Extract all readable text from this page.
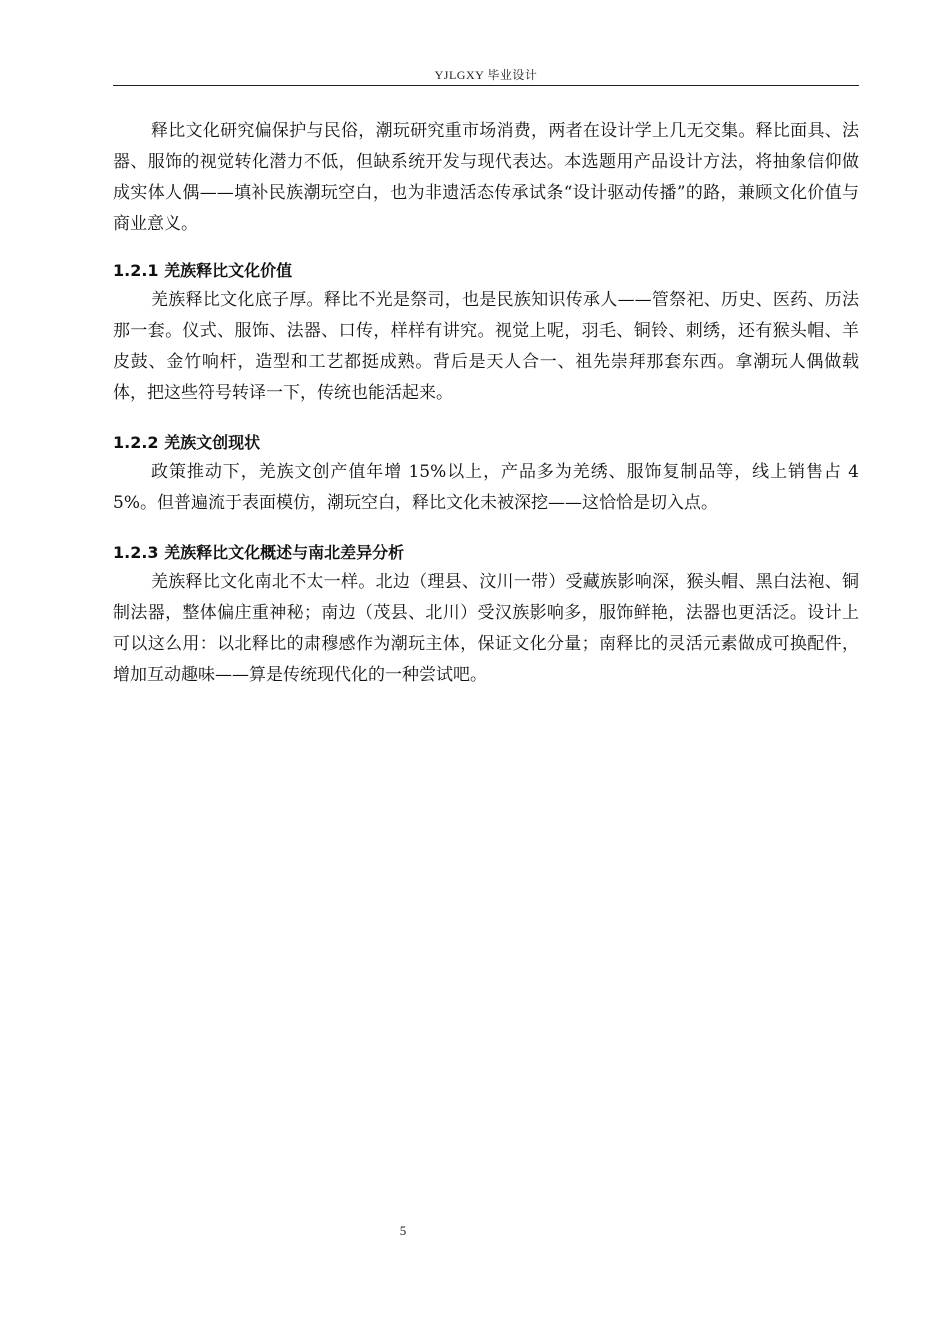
YJLGXY 毕业设计

释比文化研究偏保护与民俗，潮玩研究重市场消费，两者在设计学上几无交集。释比面具、法器、服饰的视觉转化潜力不低，但缺系统开发与现代表达。本选题用产品设计方法，将抽象信仰做成实体人偶——填补民族潮玩空白，也为非遗活态传承试条“设计驱动传播”的路，兼顾文化价值与商业意义。

1.2.1 羌族释比文化价值

羌族释比文化底子厚。释比不光是祭司，也是民族知识传承人——管祭祀、历史、医药、历法那一套。仪式、服饰、法器、口传，样样有讲究。视觉上呢，羽毛、铜铃、刺绣，还有猴头帽、羊皮鼓、金竹响杆，造型和工艺都挺成熟。背后是天人合一、祖先崇拜那套东西。拿潮玩人偶做载体，把这些符号转译一下，传统也能活起来。

1.2.2 羌族文创现状

政策推动下，羌族文创产值年增 15%以上，产品多为羌绣、服饰复制品等，线上销售占 45%。但普遍流于表面模仿，潮玩空白，释比文化未被深挖——这恰恰是切入点。

1.2.3 羌族释比文化概述与南北差异分析

羌族释比文化南北不太一样。北边（理县、汶川一带）受藏族影响深，猴头帽、黑白法袍、铜制法器，整体偏庄重神秘；南边（茂县、北川）受汉族影响多，服饰鲜艳，法器也更活泛。设计上可以这么用：以北释比的肃穆感作为潮玩主体，保证文化分量；南释比的灵活元素做成可换配件，增加互动趣味——算是传统现代化的一种尝试吧。

5
